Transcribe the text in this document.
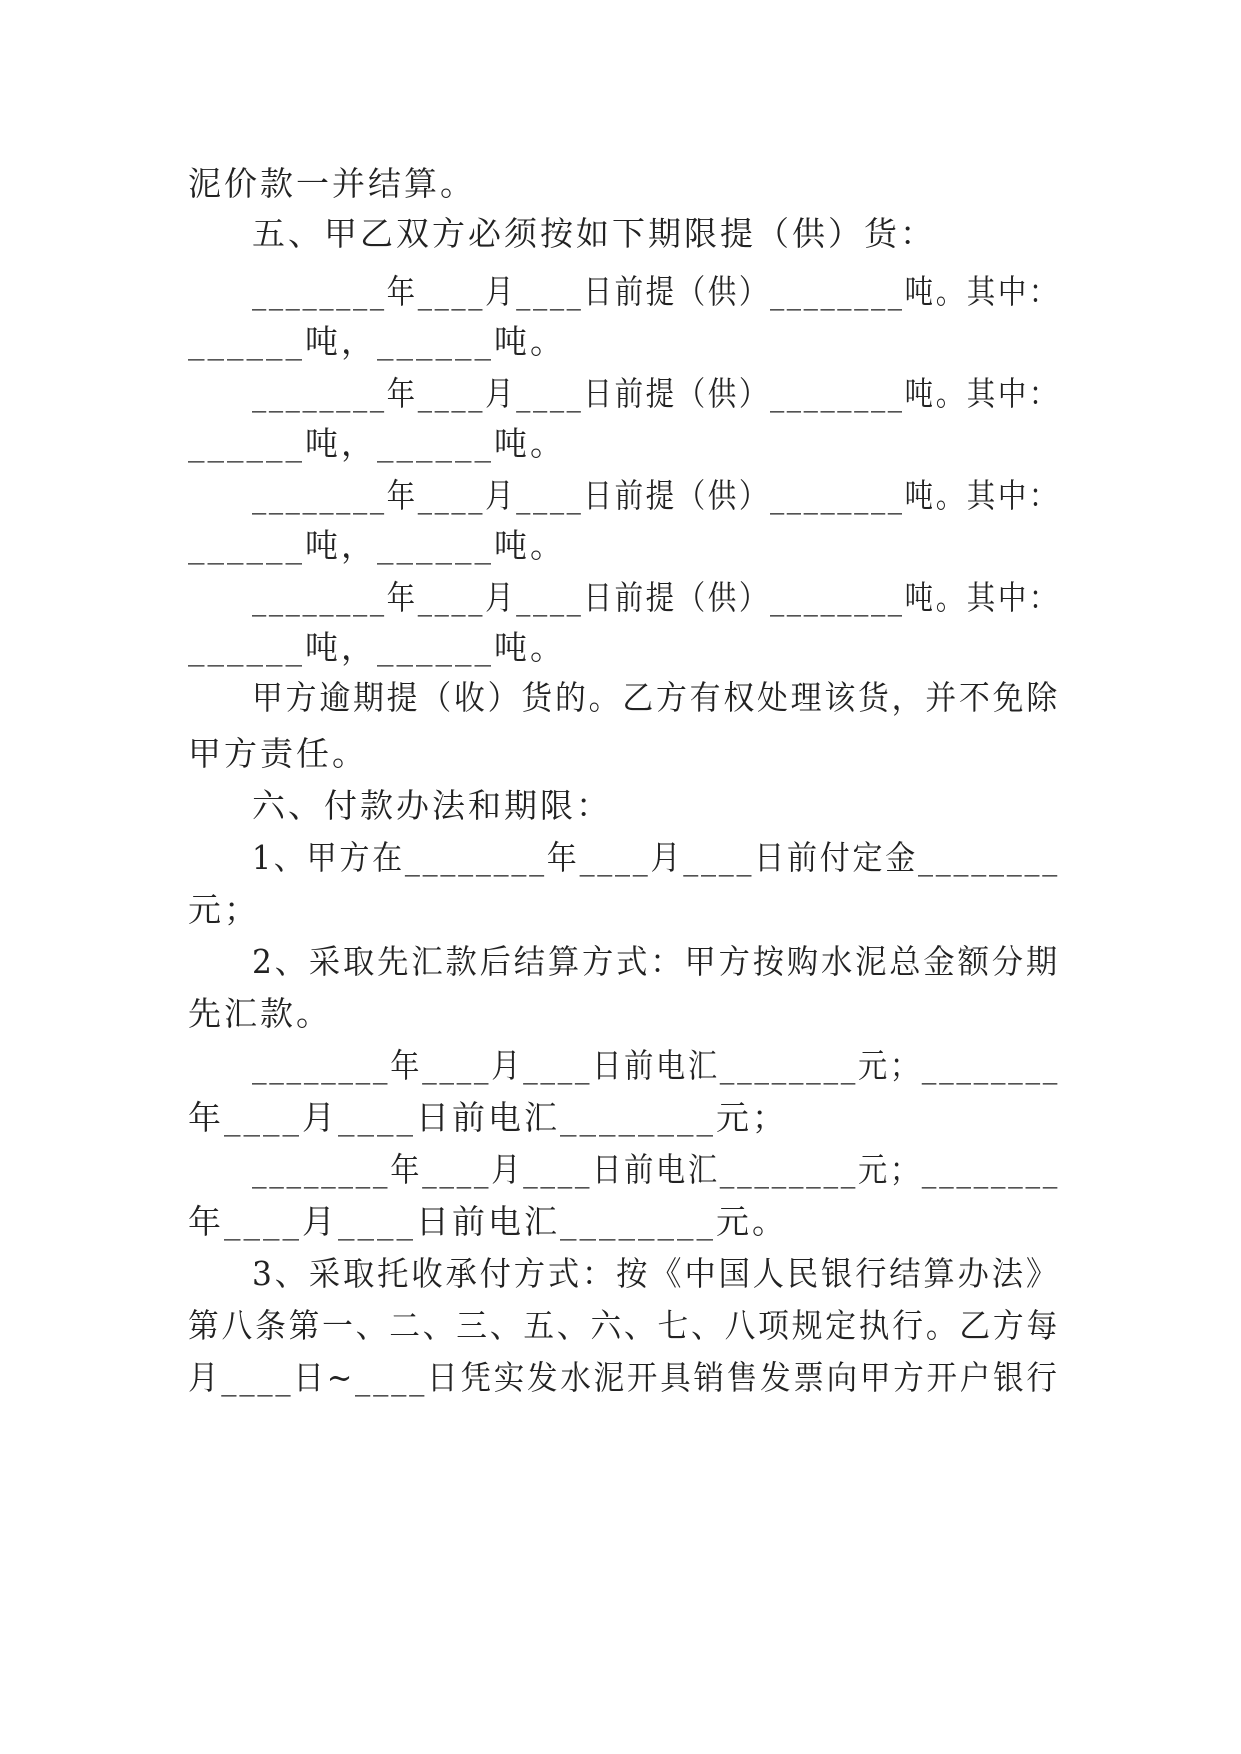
泥价款一并结算。
五、甲乙双方必须按如下期限提（供）货：
________年____月____日前提（供）________吨。其中：
______吨，______吨。
________年____月____日前提（供）________吨。其中：
______吨，______吨。
________年____月____日前提（供）________吨。其中：
______吨，______吨。
________年____月____日前提（供）________吨。其中：
______吨，______吨。
甲方逾期提（收）货的。乙方有权处理该货，并不免除
甲方责任。
六、付款办法和期限：
1、甲方在________年____月____日前付定金________
元；
2、采取先汇款后结算方式：甲方按购水泥总金额分期
先汇款。
________年____月____日前电汇________元；________
年____月____日前电汇________元；
________年____月____日前电汇________元；________
年____月____日前电汇________元。
3、采取托收承付方式：按《中国人民银行结算办法》
第八条第一、二、三、五、六、七、八项规定执行。乙方每
月____日~____日凭实发水泥开具销售发票向甲方开户银行
